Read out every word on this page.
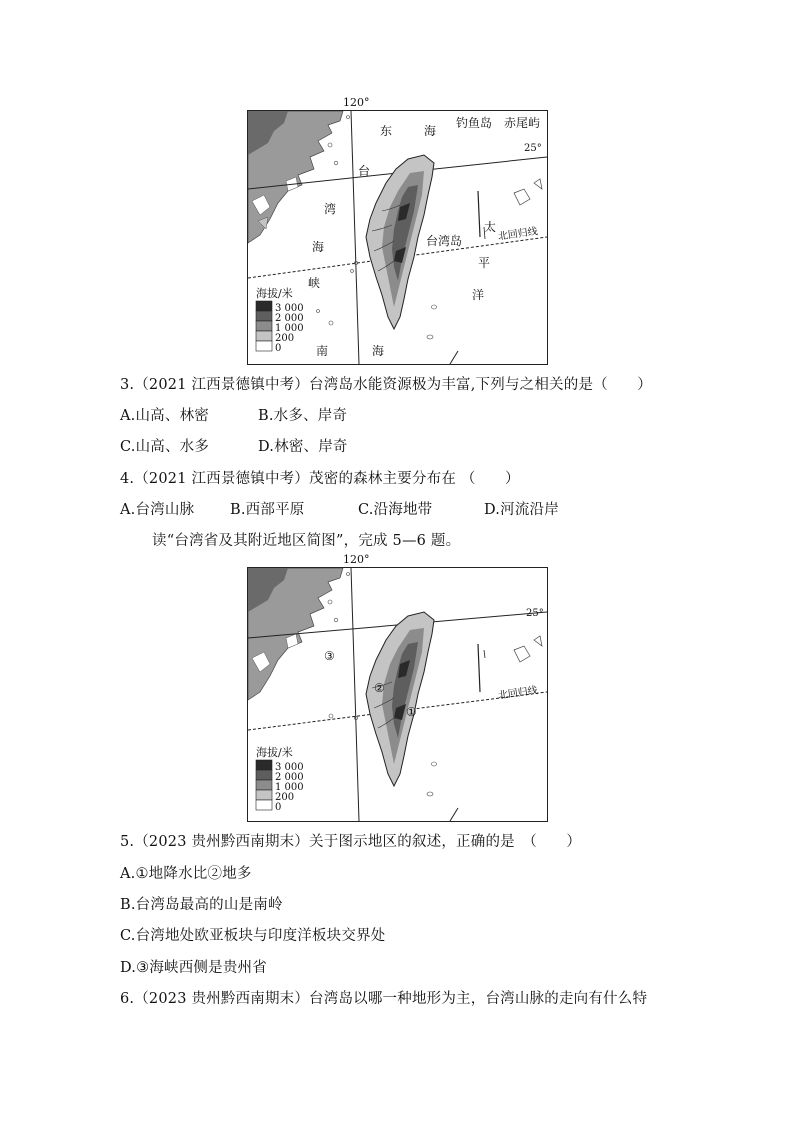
120°
钓鱼岛 赤尾屿
25°
东	海
台
湾
海
峡
台湾岛
太 北回归线
平
洋
南	海
海拔/米
3 000
2 000
1 000
200
0
3.（2021 江西景德镇中考）台湾岛水能资源极为丰富,下列与之相关的是（　　）
A.山高、林密	B.水多、岸奇
C.山高、水多	D.林密、岸奇
4.（2021 江西景德镇中考）茂密的森林主要分布在 （　　）
A.台湾山脉 B.西部平原	C.沿海地带	D.河流沿岸
读“台湾省及其附近地区简图”，完成 5—6 题。
120°
25°
北回归线
③
②
①
海拔/米
3 000
2 000
1 000
200
0
5.（2023 贵州黔西南期末）关于图示地区的叙述，正确的是　（　　）
A.①地降水比②地多
B.台湾岛最高的山是南岭
C.台湾地处欧亚板块与印度洋板块交界处
D.③海峡西侧是贵州省
6.（2023 贵州黔西南期末）台湾岛以哪一种地形为主，台湾山脉的走向有什么特
